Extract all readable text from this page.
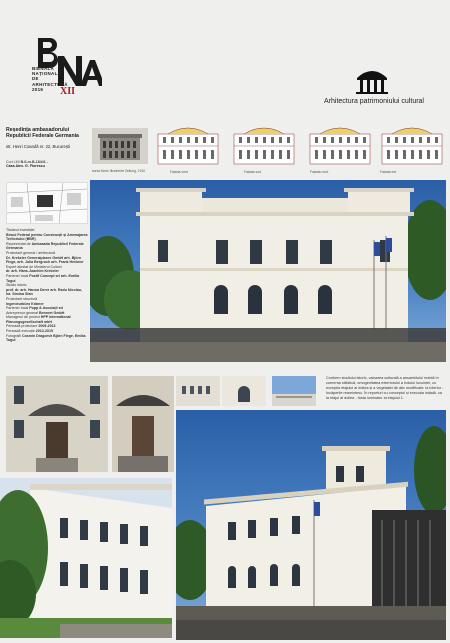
BIENALA
NAȚIONALĂ
DE
ARHITECTURĂ
2016	XII
Arhitectura patrimoniului cultural
Reședința ambasadorului
Republicii Federale Germania
str. Henri Coandă nr. 22, București
Cod LMI B-II-m-B-18441 -
Casa Alex. G. Florescu
sursa Neue Illustrierte Zeitung, 1910	Fațada vest	Fațada sud	Fațada nord	Fațada est
Titularul investiției
Biroul Federal pentru Construcții și Amenajarea Teritoriului (BBR)
Reprezentat de Ambasada Republicii Federale Germania
Proiectant general / arhitectură
Dr. Krekeler Generalplaner GmbH arh. Björn Fiege, arh. Julia Bergruch arh. Frank Heckner
Expert atestat de Ministerul Culturii
dr. arh. Hans-Joachim Krekeler
Partener local Postif Concept srl arh. Emilia Tugui
Studiu istoric
prof. dr. arh. Hanna Derer arh. Radu Nicolau, ist. Simina Stan
Proiectant structură
Ingenieurbüro Krämer
Partener local Popp & Asociații srl
Antreprenor general Bennert GmbH
Managerul de proiect HPP International Planungsgesellschaft mbH
Perioadă proiectare 2009-2013
Perioadă execuție 2013-2015
Fotografii Cosmin Dragomir Björn Fiege, Emilia Tugui
Conform studiului istoric, valoarea culturală a ansamblului rezidă în coerența stilistică, omogenitatea exteriorului a holului locuinței, cu excepția etajului al doilea și a vegetației de atic modificate; la interior - încăperile reamintesc. În reporturi cu conceptul și execuția inițială, ca la etajul al doilea - fosta luminator al etajului 1.
